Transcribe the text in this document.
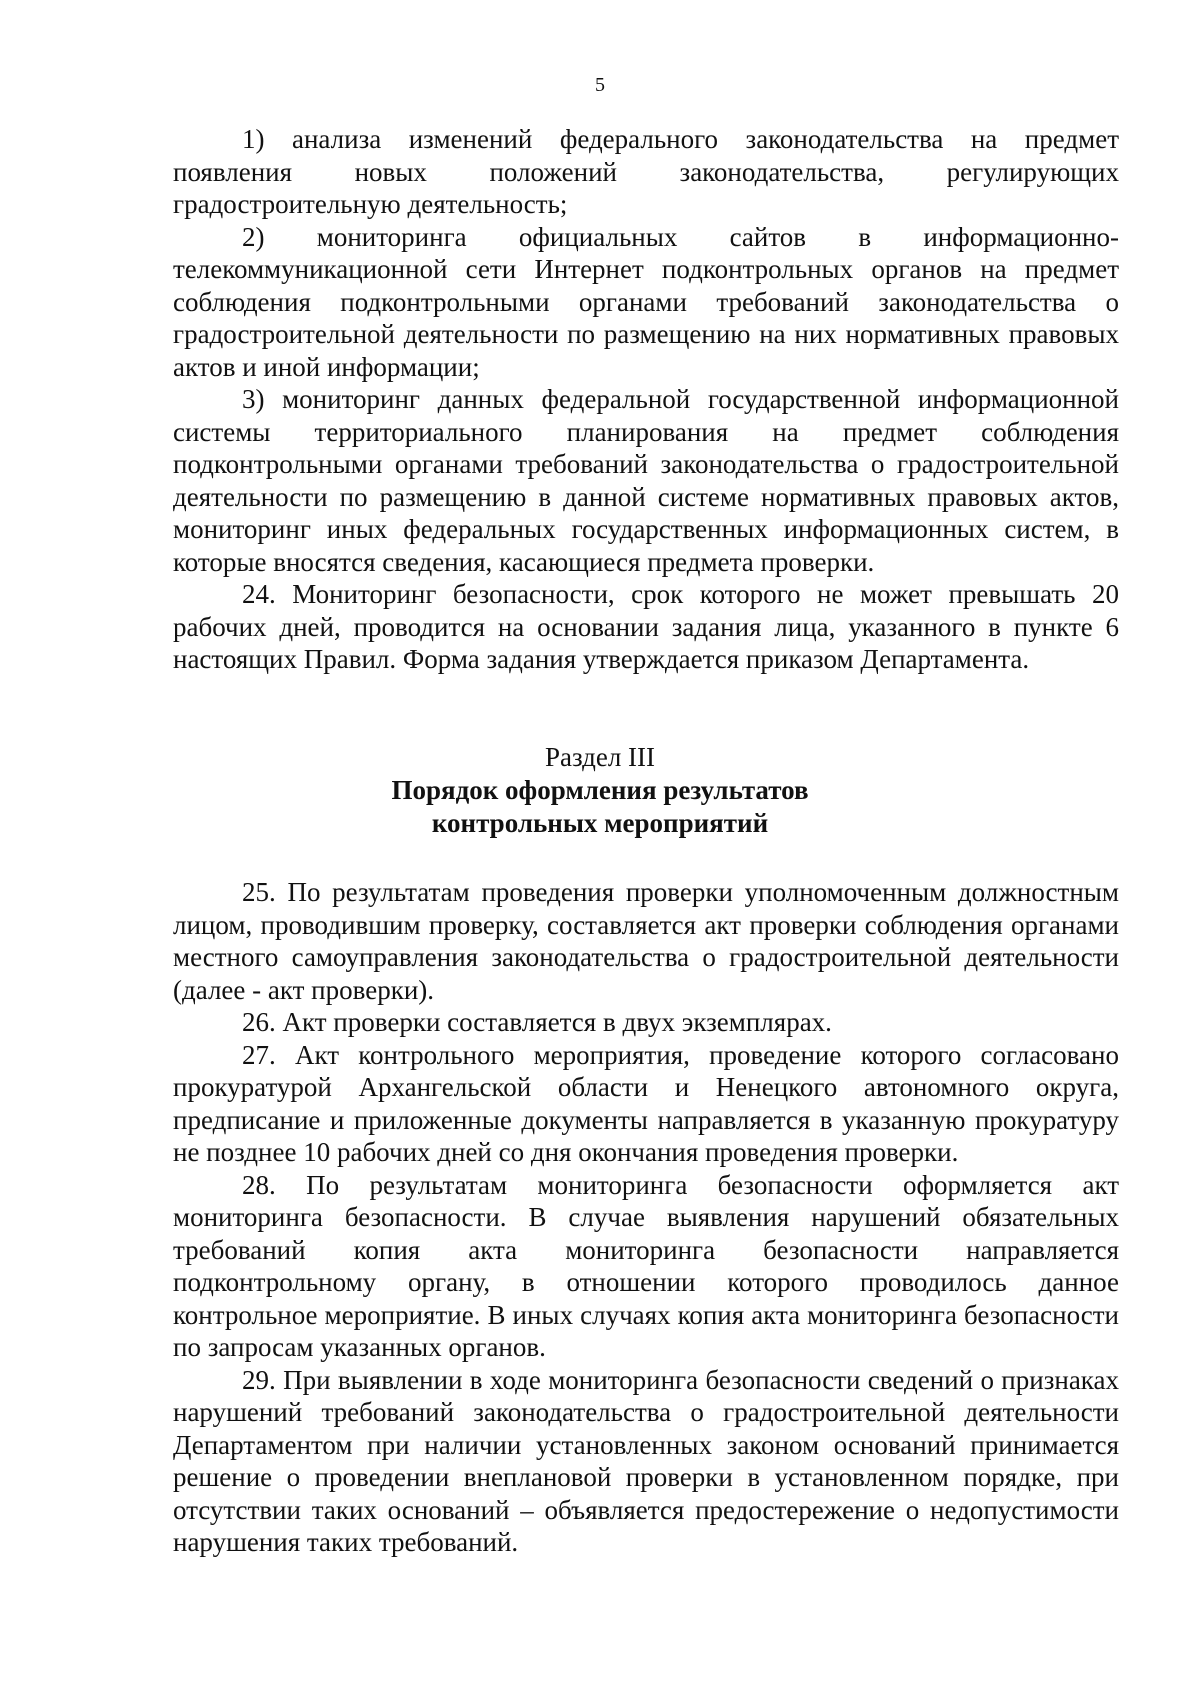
5

1) анализа изменений федерального законодательства на предмет появления новых положений законодательства, регулирующих градостроительную деятельность;

2) мониторинга официальных сайтов в информационно-телекоммуникационной сети Интернет подконтрольных органов на предмет соблюдения подконтрольными органами требований законодательства о градостроительной деятельности по размещению на них нормативных правовых актов и иной информации;

3) мониторинг данных федеральной государственной информационной системы территориального планирования на предмет соблюдения подконтрольными органами требований законодательства о градостроительной деятельности по размещению в данной системе нормативных правовых актов, мониторинг иных федеральных государственных информационных систем, в которые вносятся сведения, касающиеся предмета проверки.

24. Мониторинг безопасности, срок которого не может превышать 20 рабочих дней, проводится на основании задания лица, указанного в пункте 6 настоящих Правил. Форма задания утверждается приказом Департамента.

Раздел III
Порядок оформления результатов
контрольных мероприятий

25. По результатам проведения проверки уполномоченным должностным лицом, проводившим проверку, составляется акт проверки соблюдения органами местного самоуправления законодательства о градостроительной деятельности (далее - акт проверки).

26. Акт проверки составляется в двух экземплярах.

27. Акт контрольного мероприятия, проведение которого согласовано прокуратурой Архангельской области и Ненецкого автономного округа, предписание и приложенные документы направляется в указанную прокуратуру не позднее 10 рабочих дней со дня окончания проведения проверки.

28. По результатам мониторинга безопасности оформляется акт мониторинга безопасности. В случае выявления нарушений обязательных требований копия акта мониторинга безопасности направляется подконтрольному органу, в отношении которого проводилось данное контрольное мероприятие. В иных случаях копия акта мониторинга безопасности по запросам указанных органов.

29. При выявлении в ходе мониторинга безопасности сведений о признаках нарушений требований законодательства о градостроительной деятельности Департаментом при наличии установленных законом оснований принимается решение о проведении внеплановой проверки в установленном порядке, при отсутствии таких оснований – объявляется предостережение о недопустимости нарушения таких требований.
